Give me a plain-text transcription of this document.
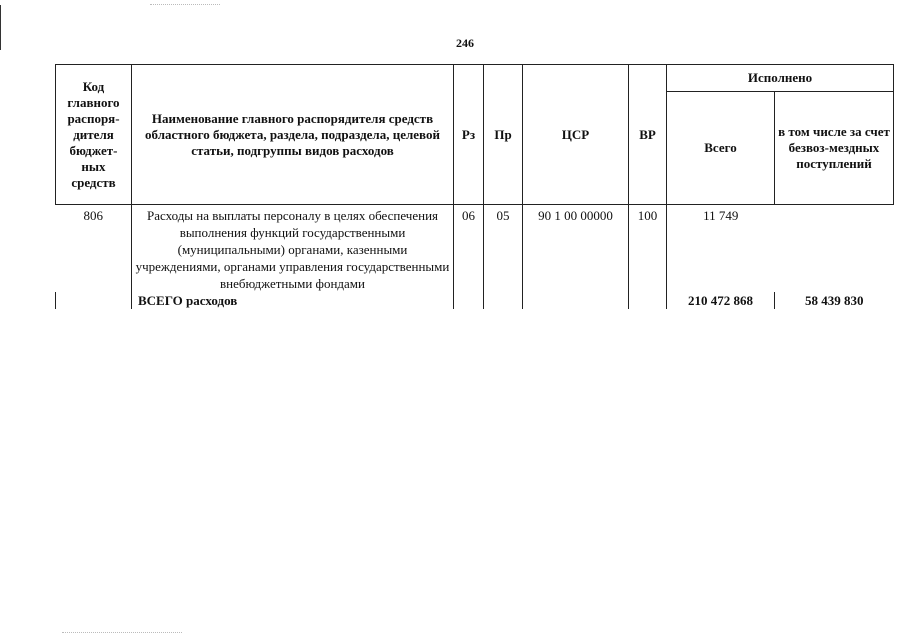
246
Код главного распоря-дителя бюджет-ных средств	Наименование главного распорядителя средств областного бюджета, раздела, подраздела, целевой статьи, подгруппы видов расходов	Рз	Пр	ЦСР	ВР	Исполнено	
						Всего	в том числе за счет безвоз-мездных поступлений
806	Расходы на выплаты персоналу в целях обеспечения выполнения функций государственными (муниципальными) органами, казенными учреждениями, органами управления государственными внебюджетными фондами	06	05	90 1 00 00000	100	11 749	
	ВСЕГО расходов					210 472 868	58 439 830
